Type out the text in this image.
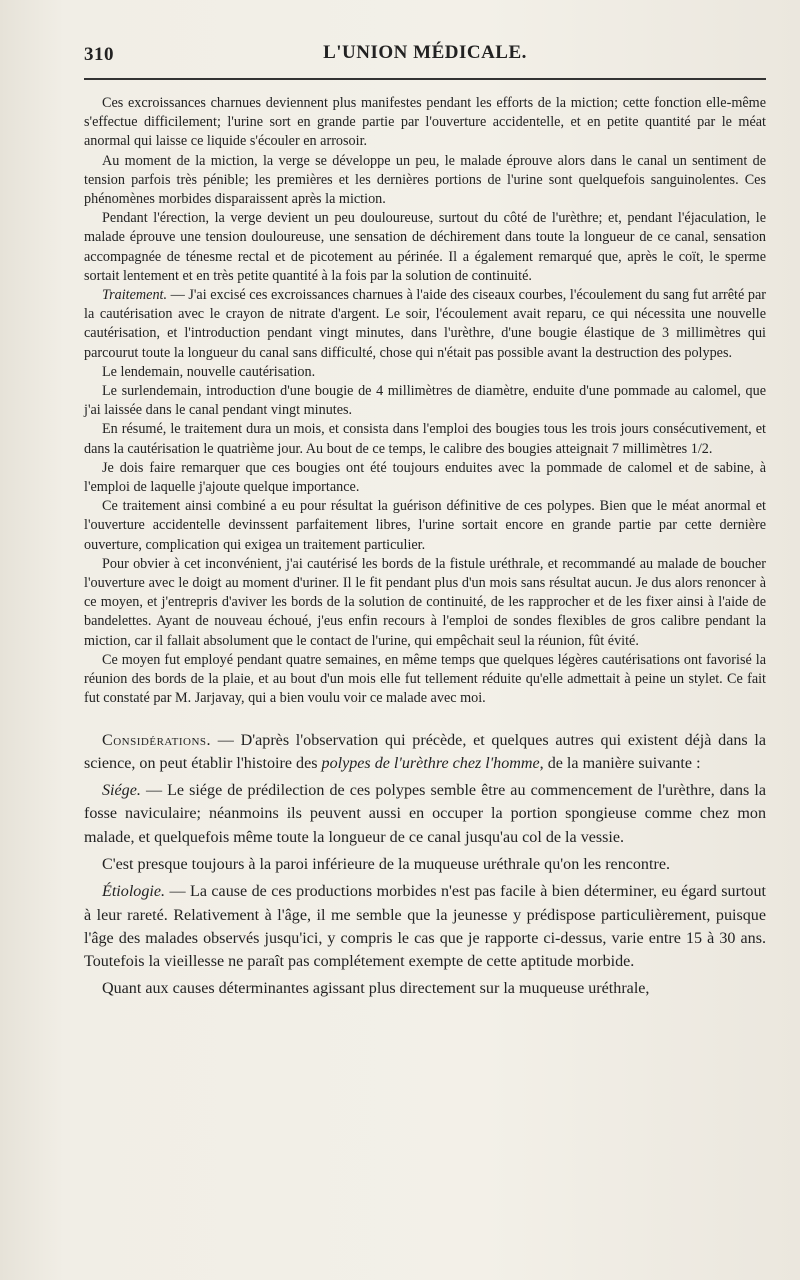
310	L'UNION MÉDICALE.

Ces excroissances charnues deviennent plus manifestes pendant les efforts de la miction; cette fonction elle-même s'effectue difficilement; l'urine sort en grande partie par l'ouverture accidentelle, et en petite quantité par le méat anormal qui laisse ce liquide s'écouler en arrosoir.

Au moment de la miction, la verge se développe un peu, le malade éprouve alors dans le canal un sentiment de tension parfois très pénible; les premières et les dernières portions de l'urine sont quelquefois sanguinolentes. Ces phénomènes morbides disparaissent après la miction.

Pendant l'érection, la verge devient un peu douloureuse, surtout du côté de l'urèthre; et, pendant l'éjaculation, le malade éprouve une tension douloureuse, une sensation de déchirement dans toute la longueur de ce canal, sensation accompagnée de ténesme rectal et de picotement au périnée. Il a également remarqué que, après le coït, le sperme sortait lentement et en très petite quantité à la fois par la solution de continuité.

Traitement. — J'ai excisé ces excroissances charnues à l'aide des ciseaux courbes, l'écoulement du sang fut arrêté par la cautérisation avec le crayon de nitrate d'argent. Le soir, l'écoulement avait reparu, ce qui nécessita une nouvelle cautérisation, et l'introduction pendant vingt minutes, dans l'urèthre, d'une bougie élastique de 3 millimètres qui parcourut toute la longueur du canal sans difficulté, chose qui n'était pas possible avant la destruction des polypes.

Le lendemain, nouvelle cautérisation.

Le surlendemain, introduction d'une bougie de 4 millimètres de diamètre, enduite d'une pommade au calomel, que j'ai laissée dans le canal pendant vingt minutes.

En résumé, le traitement dura un mois, et consista dans l'emploi des bougies tous les trois jours consécutivement, et dans la cautérisation le quatrième jour. Au bout de ce temps, le calibre des bougies atteignait 7 millimètres 1/2.

Je dois faire remarquer que ces bougies ont été toujours enduites avec la pommade de calomel et de sabine, à l'emploi de laquelle j'ajoute quelque importance.

Ce traitement ainsi combiné a eu pour résultat la guérison définitive de ces polypes. Bien que le méat anormal et l'ouverture accidentelle devinssent parfaitement libres, l'urine sortait encore en grande partie par cette dernière ouverture, complication qui exigea un traitement particulier.

Pour obvier à cet inconvénient, j'ai cautérisé les bords de la fistule uréthrale, et recommandé au malade de boucher l'ouverture avec le doigt au moment d'uriner. Il le fit pendant plus d'un mois sans résultat aucun. Je dus alors renoncer à ce moyen, et j'entrepris d'aviver les bords de la solution de continuité, de les rapprocher et de les fixer ainsi à l'aide de bandelettes. Ayant de nouveau échoué, j'eus enfin recours à l'emploi de sondes flexibles de gros calibre pendant la miction, car il fallait absolument que le contact de l'urine, qui empêchait seul la réunion, fût évité.

Ce moyen fut employé pendant quatre semaines, en même temps que quelques légères cautérisations ont favorisé la réunion des bords de la plaie, et au bout d'un mois elle fut tellement réduite qu'elle admettait à peine un stylet. Ce fait fut constaté par M. Jarjavay, qui a bien voulu voir ce malade avec moi.

Considérations. — D'après l'observation qui précède, et quelques autres qui existent déjà dans la science, on peut établir l'histoire des polypes de l'urèthre chez l'homme, de la manière suivante :

Siége. — Le siége de prédilection de ces polypes semble être au commencement de l'urèthre, dans la fosse naviculaire; néanmoins ils peuvent aussi en occuper la portion spongieuse comme chez mon malade, et quelquefois même toute la longueur de ce canal jusqu'au col de la vessie.

C'est presque toujours à la paroi inférieure de la muqueuse uréthrale qu'on les rencontre.

Étiologie. — La cause de ces productions morbides n'est pas facile à bien déterminer, eu égard surtout à leur rareté. Relativement à l'âge, il me semble que la jeunesse y prédispose particulièrement, puisque l'âge des malades observés jusqu'ici, y compris le cas que je rapporte ci-dessus, varie entre 15 à 30 ans. Toutefois la vieillesse ne paraît pas complétement exempte de cette aptitude morbide.

Quant aux causes déterminantes agissant plus directement sur la muqueuse uréthrale,
